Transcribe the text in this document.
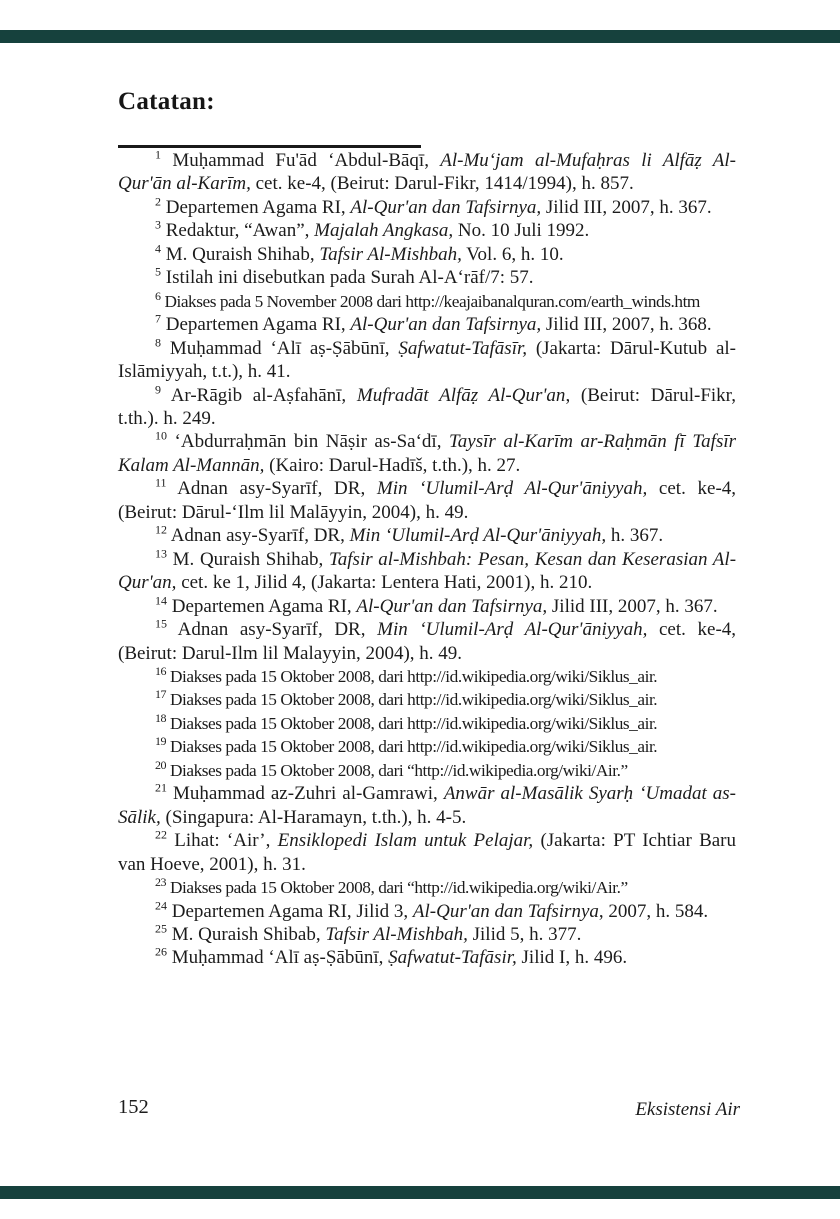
Catatan:

$^1$ Muḥammad Fu'ād ‘Abdul-Bāqī, Al-Mu‘jam al-Mufaḥras li Alfāẓ Al-Qur'ān al-Karīm, cet. ke-4, (Beirut: Darul-Fikr, 1414/1994), h. 857.

$^2$ Departemen Agama RI, Al-Qur'an dan Tafsirnya, Jilid III, 2007, h. 367.

$^3$ Redaktur, “Awan”, Majalah Angkasa, No. 10 Juli 1992.

$^4$ M. Quraish Shihab, Tafsir Al-Mishbah, Vol. 6, h. 10.

$^5$ Istilah ini disebutkan pada Surah Al-A‘rāf/7: 57.

$^6$ Diakses pada 5 November 2008 dari http://keajaibanalquran.com/earth_winds.htm

$^7$ Departemen Agama RI, Al-Qur'an dan Tafsirnya, Jilid III, 2007, h. 368.

$^8$ Muḥammad ‘Alī aṣ-Ṣābūnī, Ṣafwatut-Tafāsīr, (Jakarta: Dārul-Kutub al-Islāmiyyah, t.t.), h. 41.

$^9$ Ar-Rāgib al-Aṣfahānī, Mufradāt Alfāẓ Al-Qur'an, (Beirut: Dārul-Fikr, t.th.). h. 249.

$^{10}$ ‘Abdurraḥmān bin Nāṣir as-Sa‘dī, Taysīr al-Karīm ar-Raḥmān fī Tafsīr Kalam Al-Mannān, (Kairo: Darul-Hadīš, t.th.), h. 27.

$^{11}$ Adnan asy-Syarīf, DR, Min ‘Ulumil-Arḍ Al-Qur'āniyyah, cet. ke-4, (Beirut: Dārul-‘Ilm lil Malāyyin, 2004), h. 49.

$^{12}$ Adnan asy-Syarīf, DR, Min ‘Ulumil-Arḍ Al-Qur'āniyyah, h. 367.

$^{13}$ M. Quraish Shihab, Tafsir al-Mishbah: Pesan, Kesan dan Keserasian Al-Qur'an, cet. ke 1, Jilid 4, (Jakarta: Lentera Hati, 2001), h. 210.

$^{14}$ Departemen Agama RI, Al-Qur'an dan Tafsirnya, Jilid III, 2007, h. 367.

$^{15}$ Adnan asy-Syarīf, DR, Min ‘Ulumil-Arḍ Al-Qur'āniyyah, cet. ke-4, (Beirut: Darul-Ilm lil Malayyin, 2004), h. 49.

$^{16}$ Diakses pada 15 Oktober 2008, dari http://id.wikipedia.org/wiki/Siklus_air.

$^{17}$ Diakses pada 15 Oktober 2008, dari http://id.wikipedia.org/wiki/Siklus_air.

$^{18}$ Diakses pada 15 Oktober 2008, dari http://id.wikipedia.org/wiki/Siklus_air.

$^{19}$ Diakses pada 15 Oktober 2008, dari http://id.wikipedia.org/wiki/Siklus_air.

$^{20}$ Diakses pada 15 Oktober 2008, dari “http://id.wikipedia.org/wiki/Air.”

$^{21}$ Muḥammad az-Zuhri al-Gamrawi, Anwār al-Masālik Syarḥ ‘Umadat as-Sālik, (Singapura: Al-Haramayn, t.th.), h. 4-5.

$^{22}$ Lihat: ‘Air’, Ensiklopedi Islam untuk Pelajar, (Jakarta: PT Ichtiar Baru van Hoeve, 2001), h. 31.

$^{23}$ Diakses pada 15 Oktober 2008, dari “http://id.wikipedia.org/wiki/Air.”

$^{24}$ Departemen Agama RI, Jilid 3, Al-Qur'an dan Tafsirnya, 2007, h. 584.

$^{25}$ M. Quraish Shibab, Tafsir Al-Mishbah, Jilid 5, h. 377.

$^{26}$ Muḥammad ‘Alī aṣ-Ṣābūnī, Ṣafwatut-Tafāsir, Jilid I, h. 496.

152	Eksistensi Air
